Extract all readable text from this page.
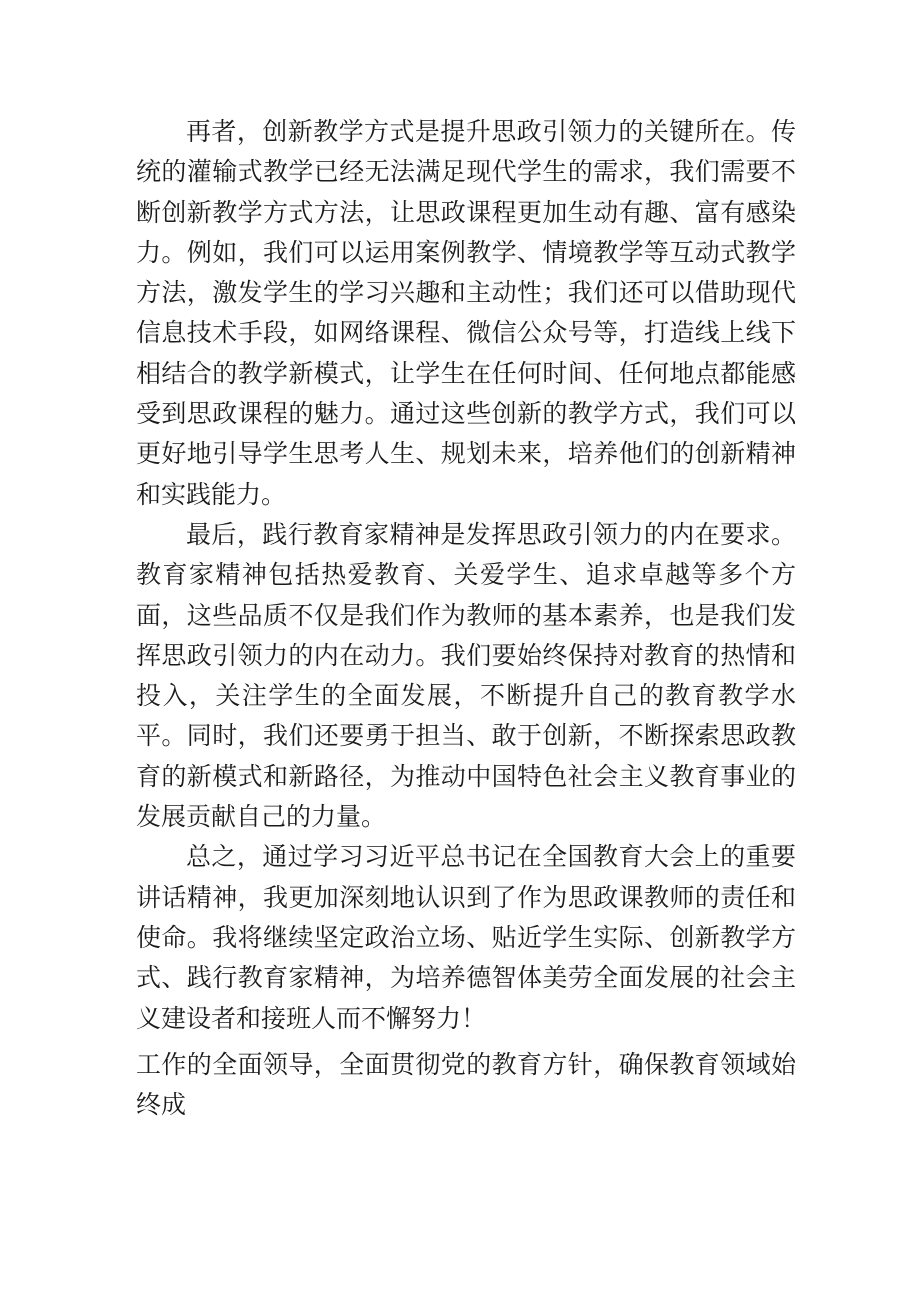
再者，创新教学方式是提升思政引领力的关键所在。传统的灌输式教学已经无法满足现代学生的需求，我们需要不断创新教学方式方法，让思政课程更加生动有趣、富有感染力。例如，我们可以运用案例教学、情境教学等互动式教学方法，激发学生的学习兴趣和主动性；我们还可以借助现代信息技术手段，如网络课程、微信公众号等，打造线上线下相结合的教学新模式，让学生在任何时间、任何地点都能感受到思政课程的魅力。通过这些创新的教学方式，我们可以更好地引导学生思考人生、规划未来，培养他们的创新精神和实践能力。

最后，践行教育家精神是发挥思政引领力的内在要求。教育家精神包括热爱教育、关爱学生、追求卓越等多个方面，这些品质不仅是我们作为教师的基本素养，也是我们发挥思政引领力的内在动力。我们要始终保持对教育的热情和投入，关注学生的全面发展，不断提升自己的教育教学水平。同时，我们还要勇于担当、敢于创新，不断探索思政教育的新模式和新路径，为推动中国特色社会主义教育事业的发展贡献自己的力量。

总之，通过学习习近平总书记在全国教育大会上的重要讲话精神，我更加深刻地认识到了作为思政课教师的责任和使命。我将继续坚定政治立场、贴近学生实际、创新教学方式、践行教育家精神，为培养德智体美劳全面发展的社会主义建设者和接班人而不懈努力！

工作的全面领导，全面贯彻党的教育方针，确保教育领域始终成
